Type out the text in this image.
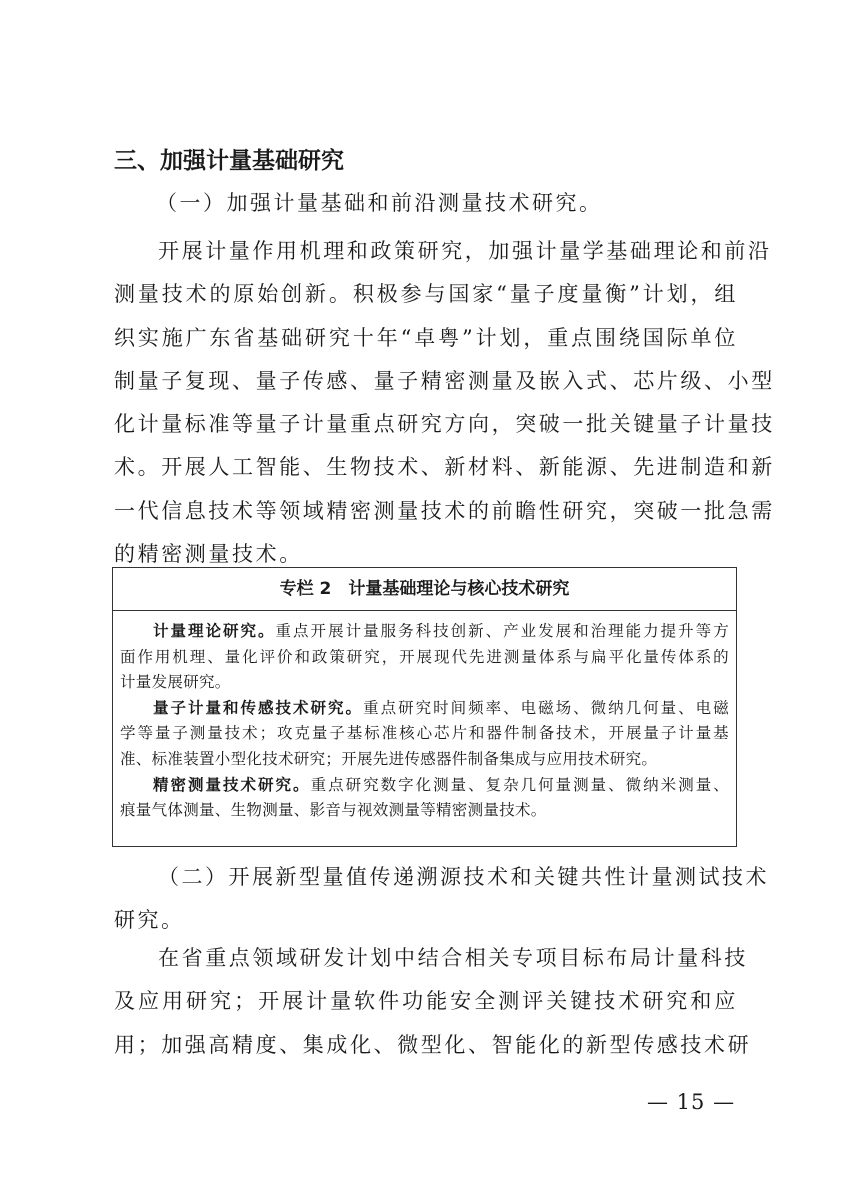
三、加强计量基础研究
（一）加强计量基础和前沿测量技术研究。
开展计量作用机理和政策研究，加强计量学基础理论和前沿
测量技术的原始创新。积极参与国家“量子度量衡”计划，组
织实施广东省基础研究十年“卓粤”计划，重点围绕国际单位
制量子复现、量子传感、量子精密测量及嵌入式、芯片级、小型
化计量标准等量子计量重点研究方向，突破一批关键量子计量技
术。开展人工智能、生物技术、新材料、新能源、先进制造和新
一代信息技术等领域精密测量技术的前瞻性研究，突破一批急需
的精密测量技术。
专栏 2　计量基础理论与核心技术研究
计量理论研究。重点开展计量服务科技创新、产业发展和治理能力提升等方
面作用机理、量化评价和政策研究，开展现代先进测量体系与扁平化量传体系的
计量发展研究。
量子计量和传感技术研究。重点研究时间频率、电磁场、微纳几何量、电磁
学等量子测量技术；攻克量子基标准核心芯片和器件制备技术，开展量子计量基
准、标准装置小型化技术研究；开展先进传感器件制备集成与应用技术研究。
精密测量技术研究。重点研究数字化测量、复杂几何量测量、微纳米测量、
痕量气体测量、生物测量、影音与视效测量等精密测量技术。
（二）开展新型量值传递溯源技术和关键共性计量测试技术
研究。
在省重点领域研发计划中结合相关专项目标布局计量科技
及应用研究；开展计量软件功能安全测评关键技术研究和应
用；加强高精度、集成化、微型化、智能化的新型传感技术研
— 15 —
